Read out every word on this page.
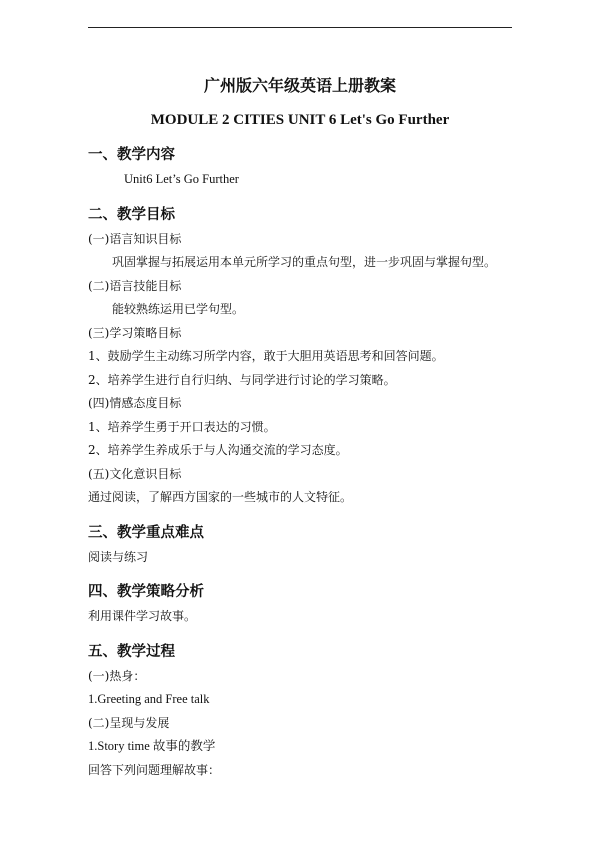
广州版六年级英语上册教案

MODULE 2 CITIES UNIT 6 Let's Go Further

一、教学内容

Unit6 Let’s Go Further

二、教学目标

(一)语言知识目标

巩固掌握与拓展运用本单元所学习的重点句型，进一步巩固与掌握句型。

(二)语言技能目标

能较熟练运用已学句型。

(三)学习策略目标

1、鼓励学生主动练习所学内容，敢于大胆用英语思考和回答问题。

2、培养学生进行自行归纳、与同学进行讨论的学习策略。

(四)情感态度目标

1、培养学生勇于开口表达的习惯。

2、培养学生养成乐于与人沟通交流的学习态度。

(五)文化意识目标

通过阅读，了解西方国家的一些城市的人文特征。

三、教学重点难点

阅读与练习

四、教学策略分析

利用课件学习故事。

五、教学过程

(一)热身：

1.Greeting and Free talk

(二)呈现与发展

1.Story time 故事的教学

回答下列问题理解故事：
